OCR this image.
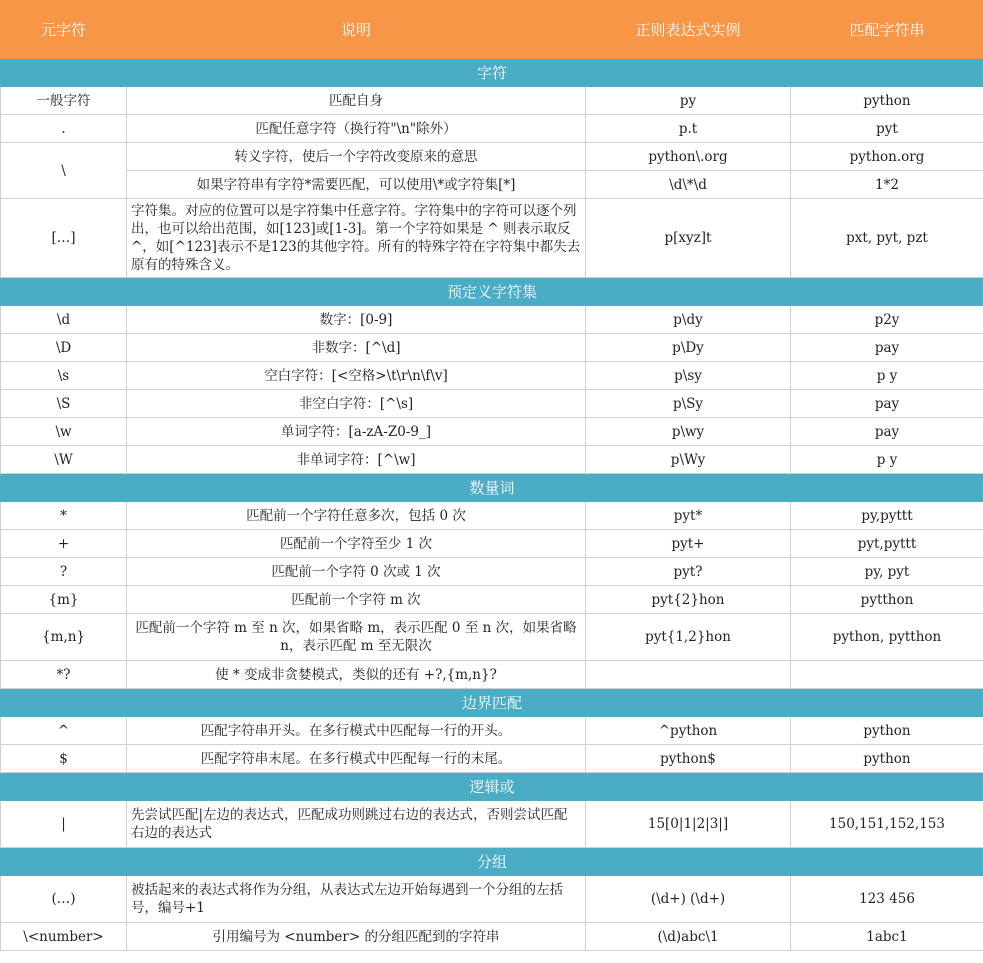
元字符	说明	正则表达式实例	匹配字符串
字符			
一般字符	匹配自身	py	python
.	匹配任意字符（换行符"\n"除外）	p.t	pyt
\	转义字符，使后一个字符改变原来的意思	python\.org	python.org
	如果字符串有字符*需要匹配，可以使用\*或字符集[*]	\d\*\d	1*2
[…]	字符集。对应的位置可以是字符集中任意字符。字符集中的字符可以逐个列出，也可以给出范围，如[123]或[1-3]。第一个字符如果是 ^ 则表示取反^，如[^123]表示不是123的其他字符。所有的特殊字符在字符集中都失去原有的特殊含义。	p[xyz]t	pxt, pyt, pzt
预定义字符集			
\d	数字：[0-9]	p\dy	p2y
\D	非数字：[^\d]	p\Dy	pay
\s	空白字符：[<空格>\t\r\n\f\v]	p\sy	p y
\S	非空白字符：[^\s]	p\Sy	pay
\w	单词字符：[a-zA-Z0-9_]	p\wy	pay
\W	非单词字符：[^\w]	p\Wy	p y
数量词			
*	匹配前一个字符任意多次，包括 0 次	pyt*	py,pyttt
+	匹配前一个字符至少 1 次	pyt+	pyt,pyttt
?	匹配前一个字符 0 次或 1 次	pyt?	py, pyt
{m}	匹配前一个字符 m 次	pyt{2}hon	pytthon
{m,n}	匹配前一个字符 m 至 n 次，如果省略 m，表示匹配 0 至 n 次，如果省略 n，表示匹配 m 至无限次	pyt{1,2}hon	python, pytthon
*?	使 * 变成非贪婪模式，类似的还有 +?,{m,n}?		
边界匹配			
^	匹配字符串开头。在多行模式中匹配每一行的开头。	^python	python
$	匹配字符串末尾。在多行模式中匹配每一行的末尾。	python$	python
逻辑或			
|	先尝试匹配|左边的表达式，匹配成功则跳过右边的表达式，否则尝试匹配右边的表达式	15[0|1|2|3|]	150,151,152,153
分组			
(…)	被括起来的表达式将作为分组，从表达式左边开始每遇到一个分组的左括号，编号+1	(\d+) (\d+)	123 456
\<number>	引用编号为 <number> 的分组匹配到的字符串	(\d)abc\1	1abc1
